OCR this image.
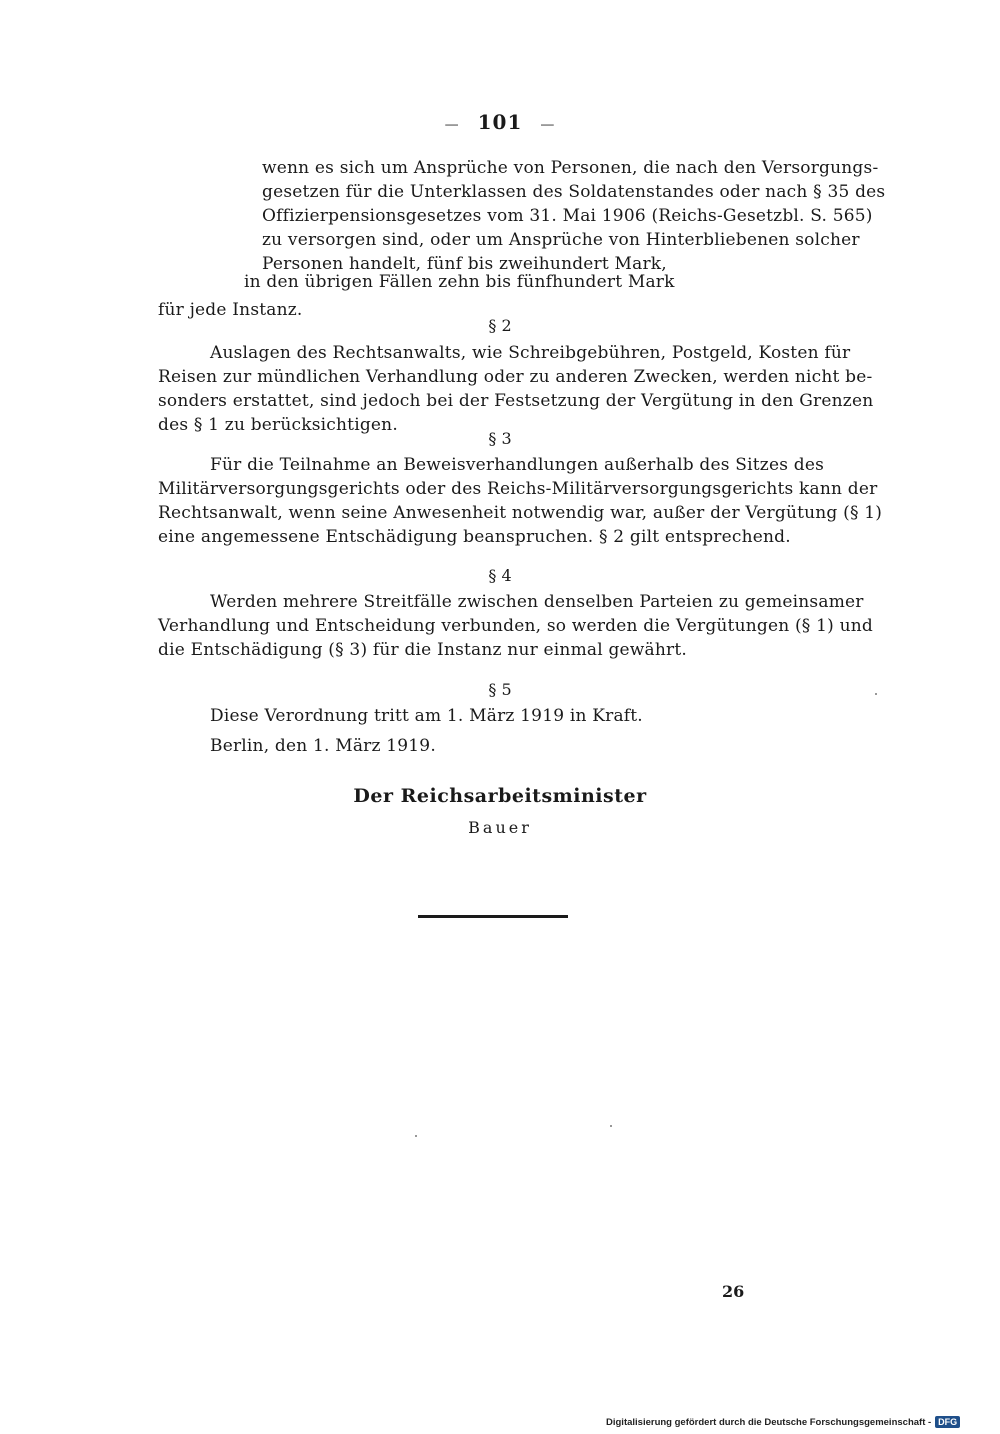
— 101 —
wenn es sich um Ansprüche von Personen, die nach den Versorgungs-
gesetzen für die Unterklassen des Soldatenstandes oder nach § 35 des
Offizierpensionsgesetzes vom 31. Mai 1906 (Reichs-Gesetzbl. S. 565)
zu versorgen sind, oder um Ansprüche von Hinterbliebenen solcher
Personen handelt, fünf bis zweihundert Mark,
in den übrigen Fällen zehn bis fünfhundert Mark
für jede Instanz.
§ 2
Auslagen des Rechtsanwalts, wie Schreibgebühren, Postgeld, Kosten für
Reisen zur mündlichen Verhandlung oder zu anderen Zwecken, werden nicht be-
sonders erstattet, sind jedoch bei der Festsetzung der Vergütung in den Grenzen
des § 1 zu berücksichtigen.
§ 3
Für die Teilnahme an Beweisverhandlungen außerhalb des Sitzes des
Militärversorgungsgerichts oder des Reichs-Militärversorgungsgerichts kann der
Rechtsanwalt, wenn seine Anwesenheit notwendig war, außer der Vergütung (§ 1)
eine angemessene Entschädigung beanspruchen. § 2 gilt entsprechend.
§ 4
Werden mehrere Streitfälle zwischen denselben Parteien zu gemeinsamer
Verhandlung und Entscheidung verbunden, so werden die Vergütungen (§ 1) und
die Entschädigung (§ 3) für die Instanz nur einmal gewährt.
§ 5
Diese Verordnung tritt am 1. März 1919 in Kraft.
Berlin, den 1. März 1919.
Der Reichsarbeitsminister
Bauer
26
Digitalisierung gefördert durch die Deutsche Forschungsgemeinschaft - DFG
